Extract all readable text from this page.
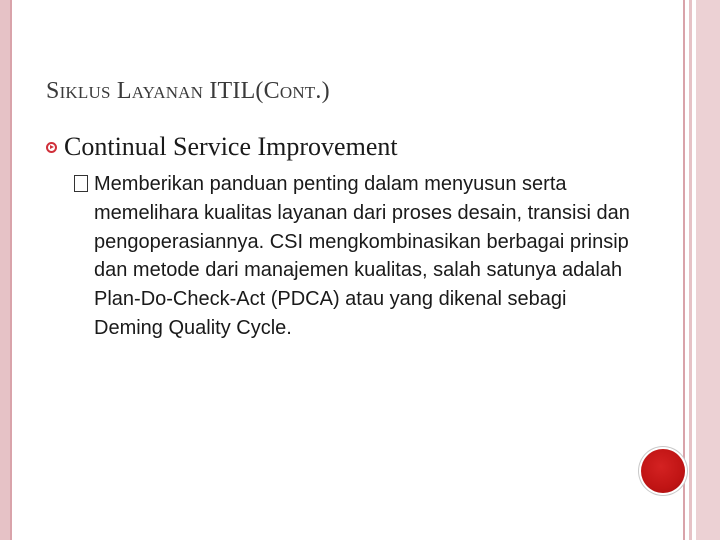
SIKLUS LAYANAN ITIL(CONT.)
Continual Service Improvement

Memberikan panduan penting dalam menyusun serta memelihara kualitas layanan dari proses desain, transisi dan pengoperasiannya. CSI mengkombinasikan berbagai prinsip dan metode dari manajemen kualitas, salah satunya adalah Plan-Do-Check-Act (PDCA) atau yang dikenal sebagi Deming Quality Cycle.
